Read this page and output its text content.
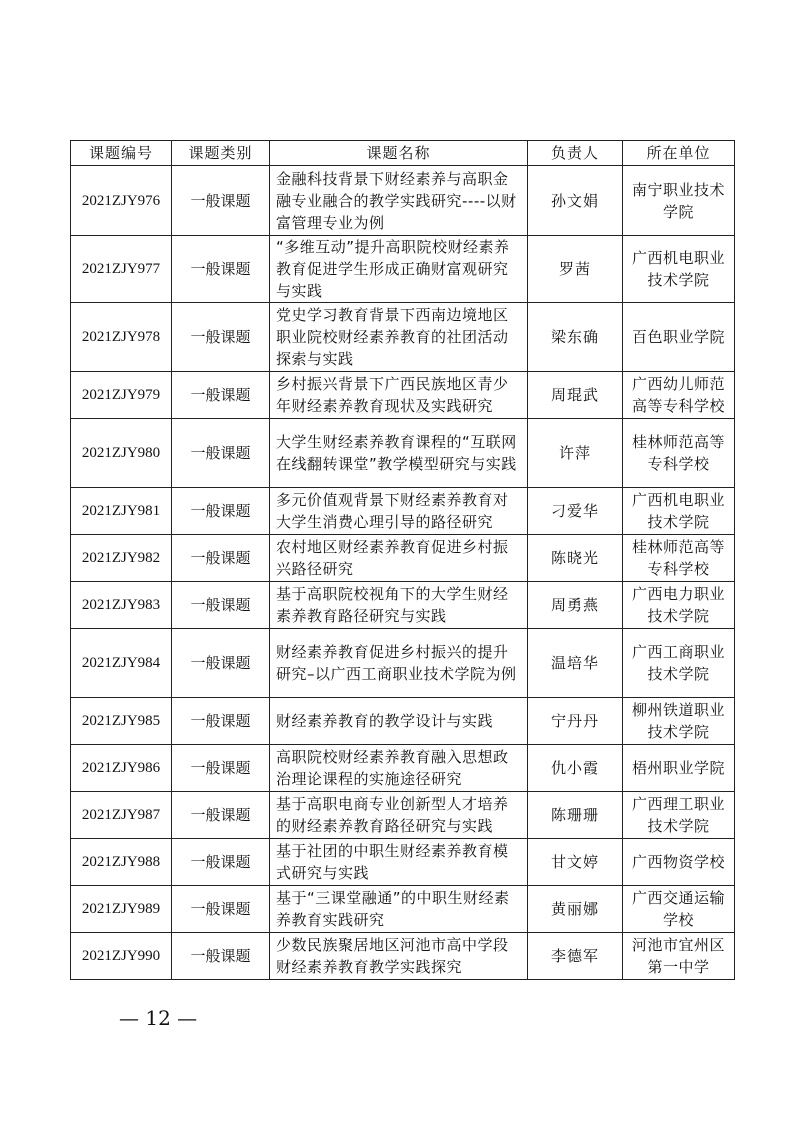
课题编号	课题类别	课题名称	负责人	所在单位
2021ZJY976	一般课题	金融科技背景下财经素养与高职金融专业融合的教学实践研究----以财富管理专业为例	孙文娟	南宁职业技术学院
2021ZJY977	一般课题	“多维互动”提升高职院校财经素养教育促进学生形成正确财富观研究与实践	罗茜	广西机电职业技术学院
2021ZJY978	一般课题	党史学习教育背景下西南边境地区职业院校财经素养教育的社团活动探索与实践	梁东确	百色职业学院
2021ZJY979	一般课题	乡村振兴背景下广西民族地区青少年财经素养教育现状及实践研究	周琨武	广西幼儿师范高等专科学校
2021ZJY980	一般课题	大学生财经素养教育课程的“互联网在线翻转课堂”教学模型研究与实践	许萍	桂林师范高等专科学校
2021ZJY981	一般课题	多元价值观背景下财经素养教育对大学生消费心理引导的路径研究	刁爱华	广西机电职业技术学院
2021ZJY982	一般课题	农村地区财经素养教育促进乡村振兴路径研究	陈晓光	桂林师范高等专科学校
2021ZJY983	一般课题	基于高职院校视角下的大学生财经素养教育路径研究与实践	周勇燕	广西电力职业技术学院
2021ZJY984	一般课题	财经素养教育促进乡村振兴的提升研究–以广西工商职业技术学院为例	温培华	广西工商职业技术学院
2021ZJY985	一般课题	财经素养教育的教学设计与实践	宁丹丹	柳州铁道职业技术学院
2021ZJY986	一般课题	高职院校财经素养教育融入思想政治理论课程的实施途径研究	仇小霞	梧州职业学院
2021ZJY987	一般课题	基于高职电商专业创新型人才培养的财经素养教育路径研究与实践	陈珊珊	广西理工职业技术学院
2021ZJY988	一般课题	基于社团的中职生财经素养教育模式研究与实践	甘文婷	广西物资学校
2021ZJY989	一般课题	基于“三课堂融通”的中职生财经素养教育实践研究	黄丽娜	广西交通运输学校
2021ZJY990	一般课题	少数民族聚居地区河池市高中学段财经素养教育教学实践探究	李德军	河池市宜州区第一中学
— 12 —
